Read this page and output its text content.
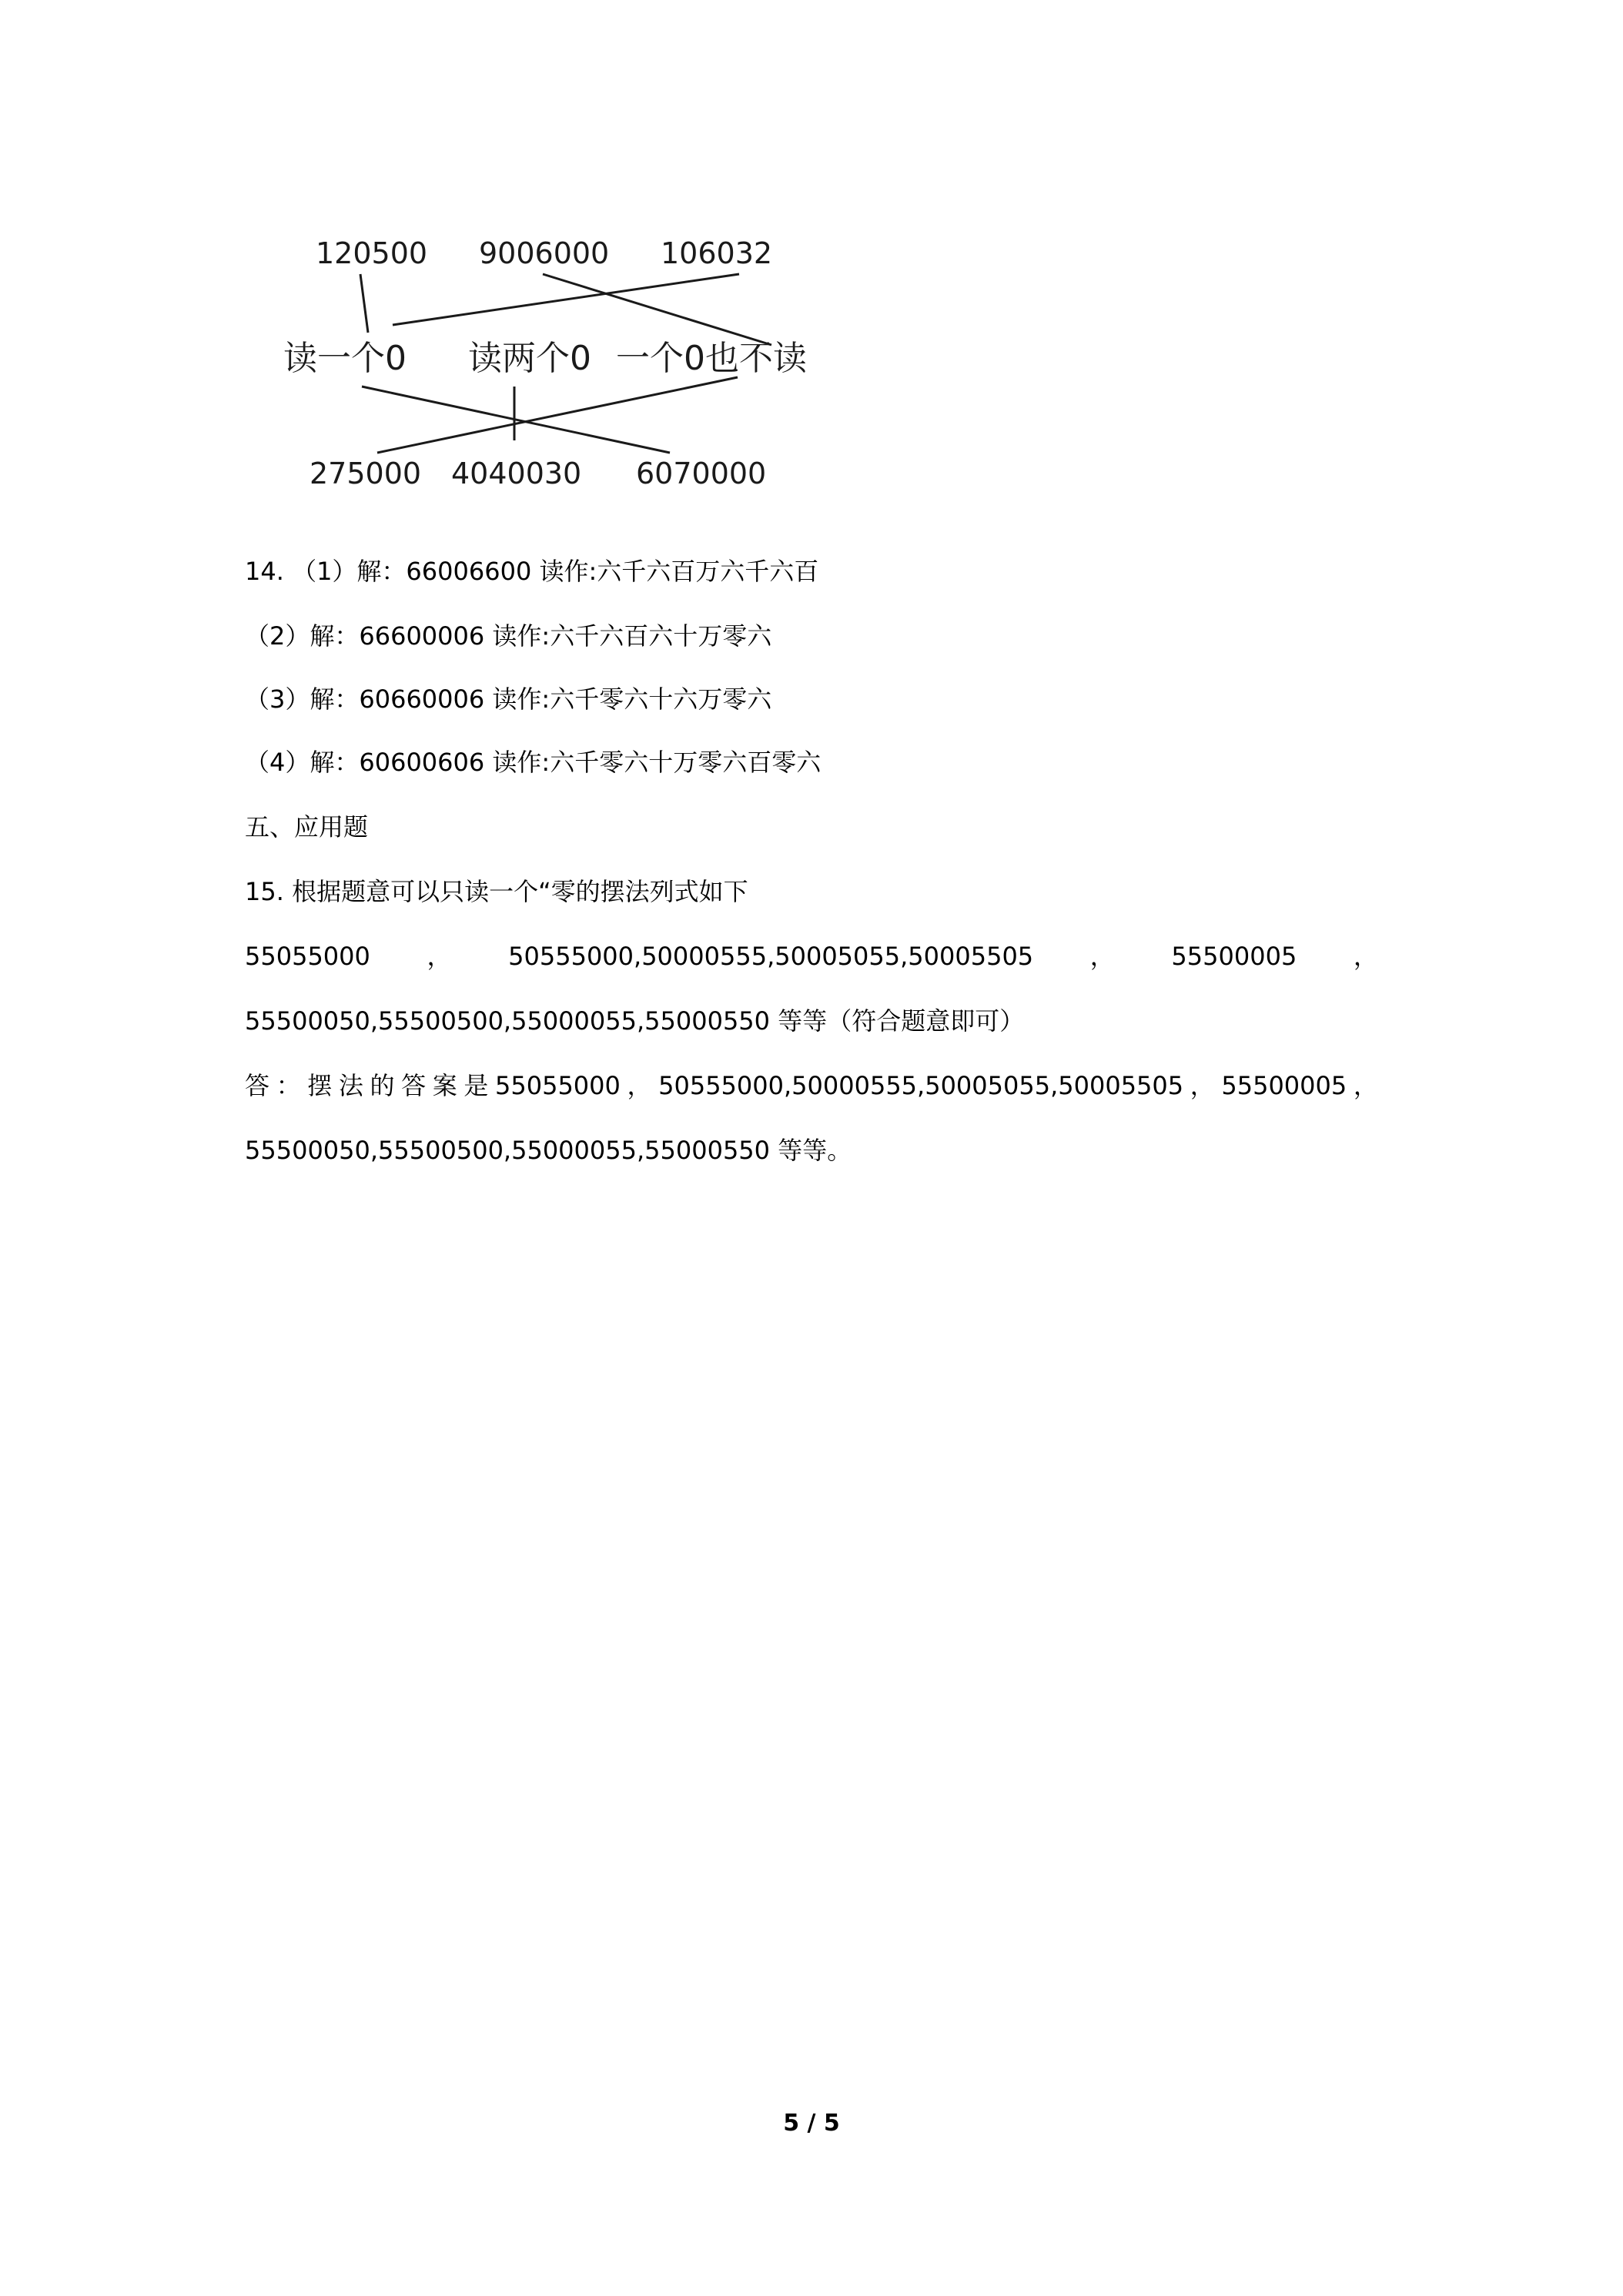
120500 9006000 106032
读一个0 读两个0 一个0也不读
275000 4040030 6070000
14. （1）解：66006600 读作:六千六百万六千六百
（2）解：66600006 读作:六千六百六十万零六
（3）解：60660006 读作:六千零六十六万零六
（4）解：60600606 读作:六千零六十万零六百零六
五、应用题
15. 根据题意可以只读一个“零的摆法列式如下
55055000 ， 50555000,50000555,50005055,50005505 ， 55500005 ，
55500050,55500500,55000055,55000550 等等（符合题意即可）
答 ： 摆 法 的 答 案 是 55055000 ， 50555000,50000555,50005055,50005505 ， 55500005 ，
55500050,55500500,55000055,55000550 等等。
5 / 5
